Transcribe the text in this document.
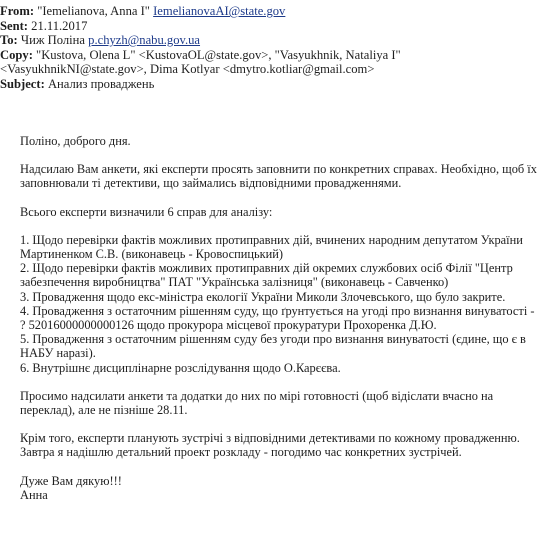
From: "Iemelianova, Anna I" IemelianovaAI@state.gov
Sent: 21.11.2017
To: Чиж Поліна p.chyzh@nabu.gov.ua
Copy: "Kustova, Olena L" <KustovaOL@state.gov>, "Vasyukhnik, Nataliya I"
<VasyukhnikNI@state.gov>, Dima Kotlyar <dmytro.kotliar@gmail.com>
Subject: Анализ проваджень

Поліно, доброго дня.

Надсилаю Вам анкети, які експерти просять заповнити по конкретних справах. Необхідно, щоб їх заповнювали ті детективи, що займались відповідними провадженнями.

Всього експерти визначили 6 справ для аналізу:

1. Щодо перевірки фактів можливих протиправних дій, вчинених народним депутатом України Мартиненком С.В. (виконавець - Кровоспицький)

2. Щодо перевірки фактів можливих протиправних дій окремих службових осіб Філії "Центр забезпечення виробництва" ПАТ "Українська залізниця" (виконавець - Савченко)

3. Провадження щодо екс-міністра екології України Миколи Злочевського, що було закрите.

4. Провадження з остаточним рішенням суду, що ґрунтується на угоді про визнання винуватості - ? 52016000000000126 щодо прокурора місцевої прокуратури Прохоренка Д.Ю.

5. Провадження з остаточним рішенням суду без угоди про визнання винуватості (єдине, що є в НАБУ наразі).

6. Внутрішнє дисциплінарне розслідування щодо О.Карєєва.

Просимо надсилати анкети та додатки до них по мірі готовності (щоб відіслати вчасно на переклад), але не пізніше 28.11.

Крім того, експерти планують зустрічі з відповідними детективами по кожному провадженню. Завтра я надішлю детальний проект розкладу - погодимо час конкретних зустрічей.

Дуже Вам дякую!!!

Анна
